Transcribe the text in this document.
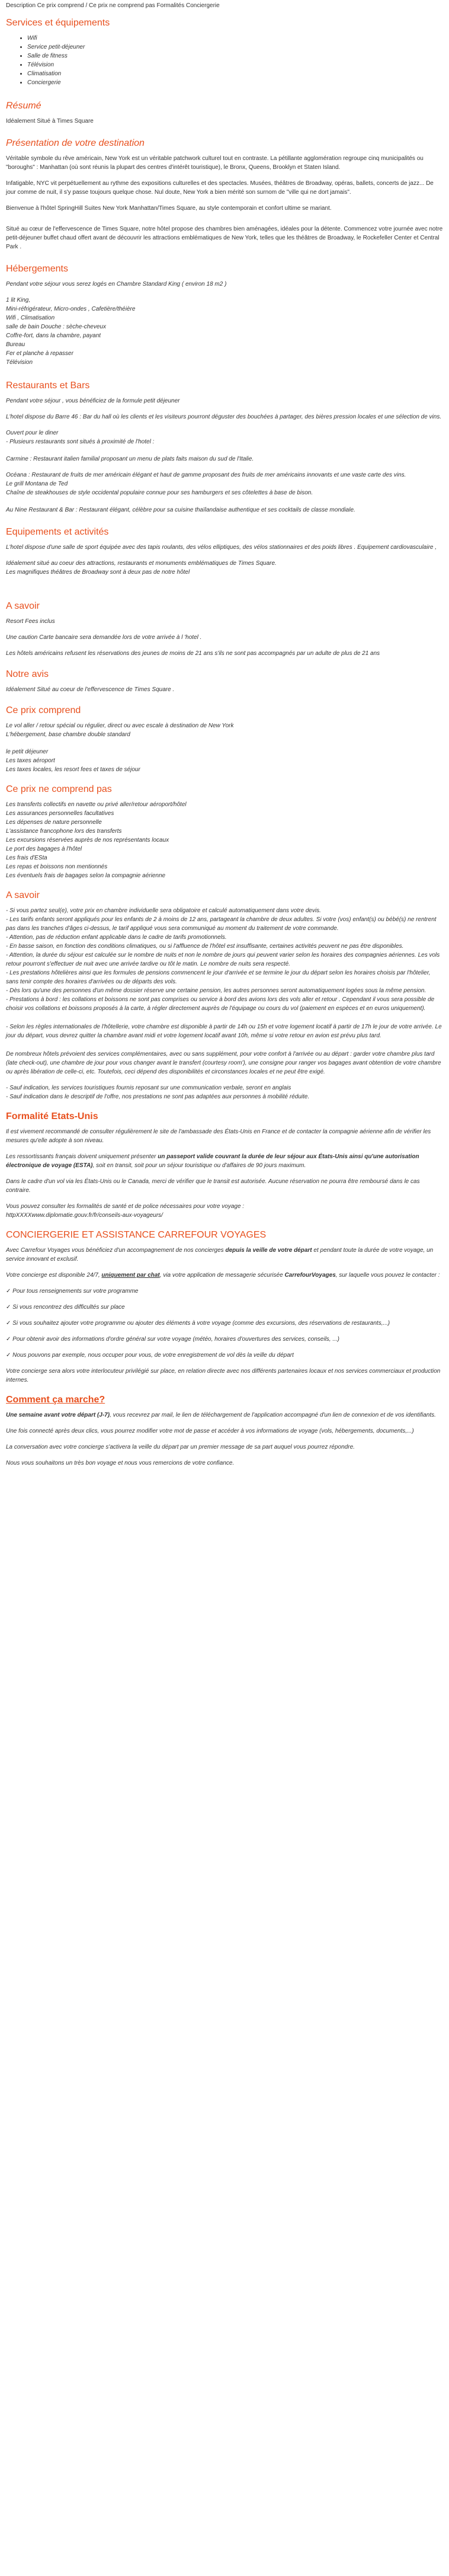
Description Ce prix comprend / Ce prix ne comprend pas Formalités Conciergerie
Services et équipements
• Wifi
• Service petit-déjeuner
• Salle de fitness
• Télévision
• Climatisation
• Conciergerie
Résumé

Idéalement Situé à Times Square

Présentation de votre destination

Véritable symbole du rêve américain, New York est un véritable patchwork culturel tout en contraste. La pétillante agglomération regroupe cinq municipalités ou "boroughs" : Manhattan (où sont réunis la plupart des centres d'intérêt touristique), le Bronx, Queens, Brooklyn et Staten Island.

Infatigable, NYC vit perpétuellement au rythme des expositions culturelles et des spectacles. Musées, théâtres de Broadway, opéras, ballets, concerts de jazz... De jour comme de nuit, il s'y passe toujours quelque chose. Nul doute, New York a bien mérité son surnom de "ville qui ne dort jamais".

Bienvenue à l'hôtel SpringHill Suites New York Manhattan/Times Square, au style contemporain et confort ultime se mariant.

Situé au cœur de l'effervescence de Times Square, notre hôtel propose des chambres bien aménagées, idéales pour la détente. Commencez votre journée avec notre petit-déjeuner buffet chaud offert avant de découvrir les attractions emblématiques de New York, telles que les théâtres de Broadway, le Rockefeller Center et Central Park .

Hébergements

Pendant votre séjour vous serez logés en Chambre Standard King ( environ 18 m2 )

1 lit King,
Mini-réfrigérateur, Micro-ondes , Cafetière/théière
Wifi , Climatisation
salle de bain Douche : sèche-cheveux
Coffre-fort, dans la chambre, payant
Bureau
Fer et planche à repasser
Télévision
Restaurants et Bars

Pendant votre séjour , vous bénéficiez de la formule petit déjeuner

L'hotel dispose du Barre 46 : Bar du hall où les clients et les visiteurs pourront déguster des bouchées à partager, des bières pression locales et une sélection de vins.

Ouvert pour le diner
- Plusieurs restaurants sont situés à proximité de l'hotel :

Carmine : Restaurant italien familial proposant un menu de plats faits maison du sud de l'Italie.

Océana : Restaurant de fruits de mer américain élégant et haut de gamme proposant des fruits de mer américains innovants et une vaste carte des vins.

Le grill Montana de Ted
Chaîne de steakhouses de style occidental populaire connue pour ses hamburgers et ses côtelettes à base de bison.

Au Nine Restaurant & Bar : Restaurant élégant, célèbre pour sa cuisine thaïlandaise authentique et ses cocktails de classe mondiale.

Equipements et activités

L'hotel dispose d'une salle de sport équipée avec des tapis roulants, des vélos elliptiques, des vélos stationnaires et des poids libres . Equipement cardiovasculaire ,

Idéalement situé au coeur des attractions, restaurants et monuments emblématiques de Times Square.
Les magnifiques théâtres de Broadway sont à deux pas de notre hôtel
A savoir

Resort Fees inclus

Une caution Carte bancaire sera demandée lors de votre arrivée à l 'hotel .

Les hôtels américains refusent les réservations des jeunes de moins de 21 ans s'ils ne sont pas accompagnés par un adulte de plus de 21 ans

Notre avis

Idéalement Situé au coeur de l'effervescence de Times Square .

Ce prix comprend
Le vol aller / retour spécial ou régulier, direct ou avec escale à destination de New York
L'hébergement, base chambre double standard
le petit déjeuner
Les taxes aéroport
Les taxes locales, les resort fees et taxes de séjour
Ce prix ne comprend pas
Les transferts collectifs en navette ou privé aller/retour aéroport/hôtel
Les assurances personnelles facultatives
Les dépenses de nature personnelle
L'assistance francophone lors des transferts
Les excursions réservées auprès de nos représentants locaux
Le port des bagages à l'hôtel
Les frais d'ESta
Les repas et boissons non mentionnés
Les éventuels frais de bagages selon la compagnie aérienne
A savoir

- Si vous partez seul(e), votre prix en chambre individuelle sera obligatoire et calculé automatiquement dans votre devis.
- Les tarifs enfants seront appliqués pour les enfants de 2 à moins de 12 ans, partageant la chambre de deux adultes. Si votre (vos) enfant(s) ou bébé(s) ne rentrent pas dans les tranches d'âges ci-dessus, le tarif appliqué vous sera communiqué au moment du traitement de votre commande.
- Attention, pas de réduction enfant applicable dans le cadre de tarifs promotionnels.
- En basse saison, en fonction des conditions climatiques, ou si l'affluence de l'hôtel est insuffisante, certaines activités peuvent ne pas être disponibles.
- Attention, la durée du séjour est calculée sur le nombre de nuits et non le nombre de jours qui peuvent varier selon les horaires des compagnies aériennes. Les vols retour pourront s'effectuer de nuit avec une arrivée tardive ou tôt le matin. Le nombre de nuits sera respecté.
- Les prestations hôtelières ainsi que les formules de pensions commencent le jour d'arrivée et se termine le jour du départ selon les horaires choisis par l'hôtelier, sans tenir compte des horaires d'arrivées ou de départs des vols.
- Dès lors qu'une des personnes d'un même dossier réserve une certaine pension, les autres personnes seront automatiquement logées sous la même pension.
- Prestations à bord : les collations et boissons ne sont pas comprises ou service à bord des avions lors des vols aller et retour . Cependant il vous sera possible de choisir vos collations et boissons proposés à la carte, à régler directement auprès de l'équipage ou cours du vol (paiement en espèces et en euros uniquement).

- Selon les règles internationales de l'hôtellerie, votre chambre est disponible à partir de 14h ou 15h et votre logement locatif à partir de 17h le jour de votre arrivée. Le jour du départ, vous devrez quitter la chambre avant midi et votre logement locatif avant 10h, même si votre retour en avion est prévu plus tard.

De nombreux hôtels prévoient des services complémentaires, avec ou sans supplément, pour votre confort à l'arrivée ou au départ : garder votre chambre plus tard (late check-out), une chambre de jour pour vous changer avant le transfert (courtesy room'), une consigne pour ranger vos bagages avant obtention de votre chambre ou après libération de celle-ci, etc. Toutefois, ceci dépend des disponibilités et circonstances locales et ne peut être exigé.

- Sauf indication, les services touristiques fournis reposant sur une communication verbale, seront en anglais
- Sauf indication dans le descriptif de l'offre, nos prestations ne sont pas adaptées aux personnes à mobilité réduite.

Formalité Etats-Unis

Il est vivement recommandé de consulter régulièrement le site de l'ambassade des États-Unis en France et de contacter la compagnie aérienne afin de vérifier les mesures qu'elle adopte à son niveau.

Les ressortissants français doivent uniquement présenter un passeport valide couvrant la durée de leur séjour aux États-Unis ainsi qu'une autorisation électronique de voyage (ESTA), soit en transit, soit pour un séjour touristique ou d'affaires de 90 jours maximum.

Dans le cadre d'un vol via les États-Unis ou le Canada, merci de vérifier que le transit est autorisée. Aucune réservation ne pourra être remboursé dans le cas contraire.

Vous pouvez consulter les formalités de santé et de police nécessaires pour votre voyage :
httpXXXXwww.diplomatie.gouv.fr/fr/conseils-aux-voyageurs/

CONCIERGERIE ET ASSISTANCE CARREFOUR VOYAGES

Avec Carrefour Voyages vous bénéficiez d'un accompagnement de nos concierges depuis la veille de votre départ et pendant toute la durée de votre voyage, un service innovant et exclusif.

Votre concierge est disponible 24/7, uniquement par chat, via votre application de messagerie sécurisée CarrefourVoyages, sur laquelle vous pouvez le contacter :

✓ Pour tous renseignements sur votre programme

✓ Si vous rencontrez des difficultés sur place

✓ Si vous souhaitez ajouter votre programme ou ajouter des éléments à votre voyage (comme des excursions, des réservations de restaurants,...)

✓ Pour obtenir avoir des informations d'ordre général sur votre voyage (météo, horaires d'ouvertures des services, conseils, ...)

✓ Nous pouvons par exemple, nous occuper pour vous, de votre enregistrement de vol dès la veille du départ

Votre concierge sera alors votre interlocuteur privilégié sur place, en relation directe avec nos différents partenaires locaux et nos services commerciaux et production internes.

Comment ça marche?

Une semaine avant votre départ (J-7), vous recevrez par mail, le lien de téléchargement de l'application accompagné d'un lien de connexion et de vos identifiants.

Une fois connecté après deux clics, vous pourrez modifier votre mot de passe et accéder à vos informations de voyage (vols, hébergements, documents,...)

La conversation avec votre concierge s'activera la veille du départ par un premier message de sa part auquel vous pourrez répondre.

Nous vous souhaitons un très bon voyage et nous vous remercions de votre confiance.
